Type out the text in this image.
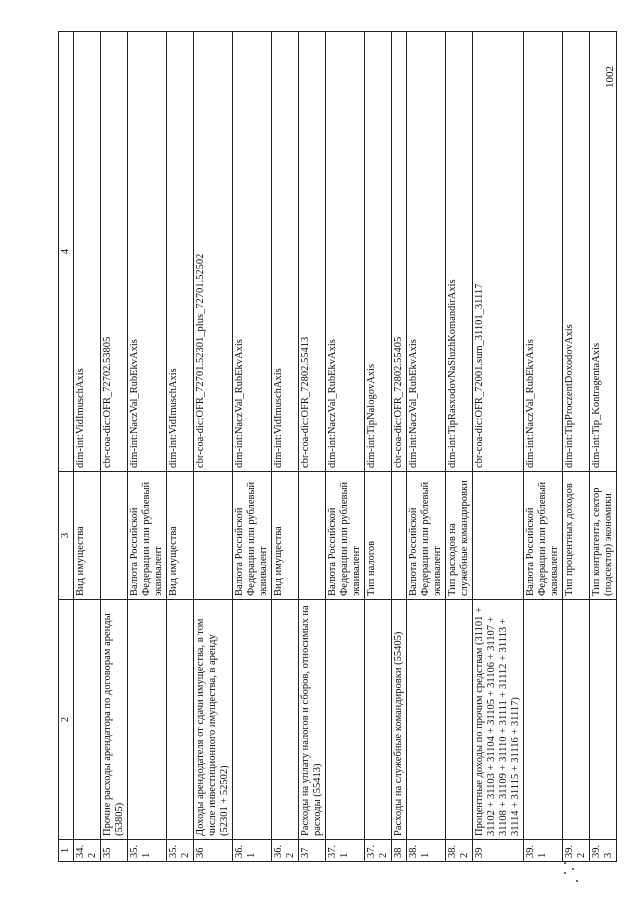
1	2	3	4
34.2		Вид имущества	dim-int:VidImuschAxis
35	Прочие расходы арендатора по договорам аренды (53805)		cbr-coa-dic:OFR_72702.53805
35.1		Валюта Российской Федерации или рублевый эквивалент	dim-int:NaczVal_RubEkvAxis
35.2		Вид имущества	dim-int:VidImuschAxis
36	Доходы арендодателя от сдачи имущества, в том числе инвестиционного имущества, в аренду (52301 + 52502)		cbr-coa-dic:OFR_72701.52301_plus_72701.52502
36.1		Валюта Российской Федерации или рублевый эквивалент	dim-int:NaczVal_RubEkvAxis
36.2		Вид имущества	dim-int:VidImuschAxis
37	Расходы на уплату налогов и сборов, относимых на расходы (55413)		cbr-coa-dic:OFR_72802.55413
37.1		Валюта Российской Федерации или рублевый эквивалент	dim-int:NaczVal_RubEkvAxis
37.2		Тип налогов	dim-int:TipNalogovAxis
38	Расходы на служебные командировки (55405)		cbr-coa-dic:OFR_72802.55405
38.1		Валюта Российской Федерации или рублевый эквивалент	dim-int:NaczVal_RubEkvAxis
38.2		Тип расходов на служебные командировки	dim-int:TipRasxodovNaSluzhKomandirAxis
39	Процентные доходы по прочим средствам (31101 + 31102 + 31103 + 31104 + 31105 + 31106 + 31107 + 31108 + 31109 + 31110 + 31111 + 31112 + 31113 + 31114 + 31115 + 31116 + 31117)		cbr-coa-dic:OFR_72001.sum_31101_31117
39.1		Валюта Российской Федерации или рублевый эквивалент	dim-int:NaczVal_RubEkvAxis
39.2		Тип процентных доходов	dim-int:TipProczentDoxodovAxis
39.3		Тип контрагента, сектор (подсектор) экономики	dim-int:Tip_KontragentaAxis
1002
